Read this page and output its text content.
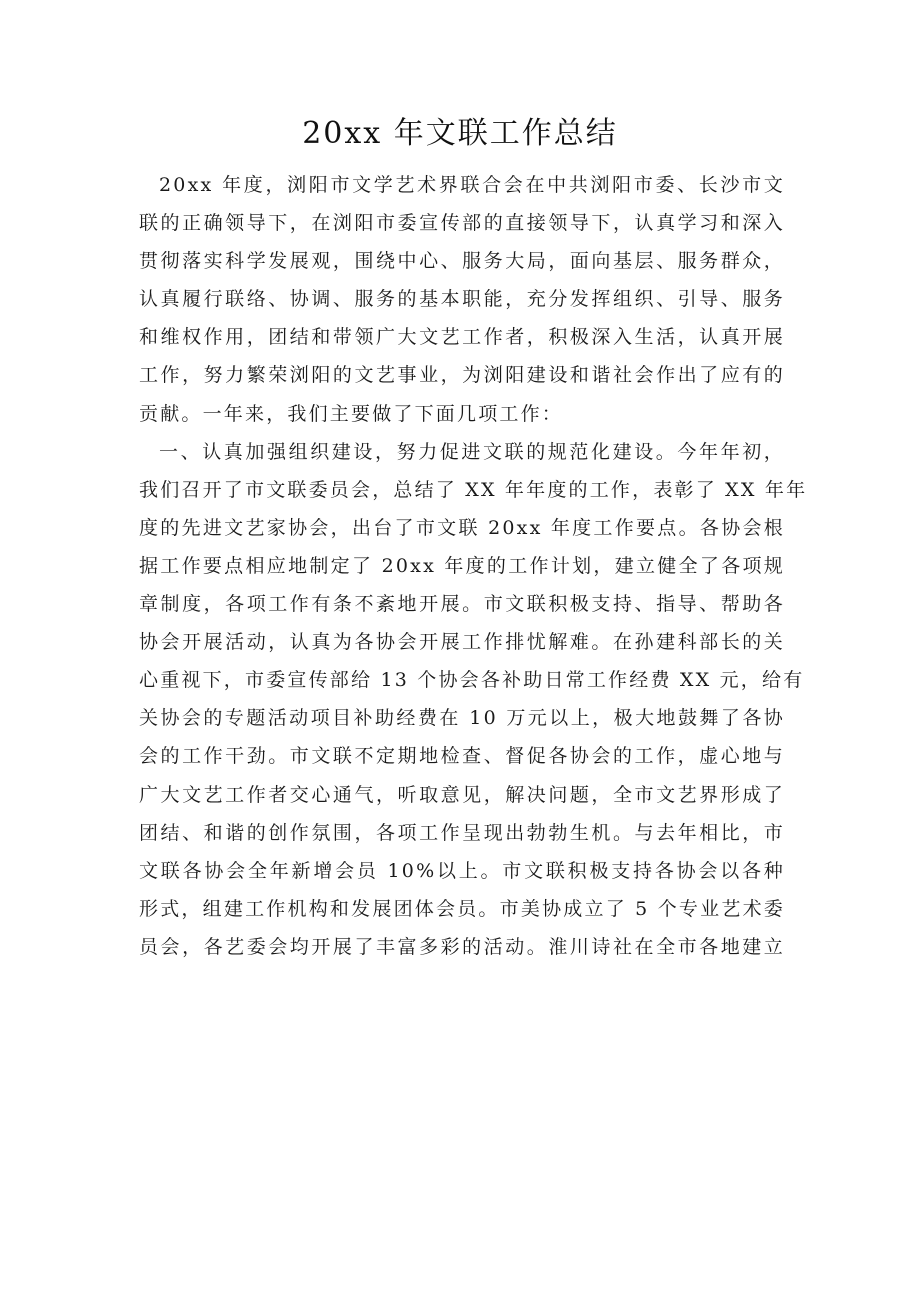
20xx 年文联工作总结
20xx 年度，浏阳市文学艺术界联合会在中共浏阳市委、长沙市文
联的正确领导下，在浏阳市委宣传部的直接领导下，认真学习和深入
贯彻落实科学发展观，围绕中心、服务大局，面向基层、服务群众，
认真履行联络、协调、服务的基本职能，充分发挥组织、引导、服务
和维权作用，团结和带领广大文艺工作者，积极深入生活，认真开展
工作，努力繁荣浏阳的文艺事业，为浏阳建设和谐社会作出了应有的
贡献。一年来，我们主要做了下面几项工作：
一、认真加强组织建设，努力促进文联的规范化建设。今年年初，
我们召开了市文联委员会，总结了 XX 年年度的工作，表彰了 XX 年年
度的先进文艺家协会，出台了市文联 20xx 年度工作要点。各协会根
据工作要点相应地制定了 20xx 年度的工作计划，建立健全了各项规
章制度，各项工作有条不紊地开展。市文联积极支持、指导、帮助各
协会开展活动，认真为各协会开展工作排忧解难。在孙建科部长的关
心重视下，市委宣传部给 13 个协会各补助日常工作经费 XX 元，给有
关协会的专题活动项目补助经费在 10 万元以上，极大地鼓舞了各协
会的工作干劲。市文联不定期地检查、督促各协会的工作，虚心地与
广大文艺工作者交心通气，听取意见，解决问题，全市文艺界形成了
团结、和谐的创作氛围，各项工作呈现出勃勃生机。与去年相比，市
文联各协会全年新增会员 10%以上。市文联积极支持各协会以各种
形式，组建工作机构和发展团体会员。市美协成立了 5 个专业艺术委
员会，各艺委会均开展了丰富多彩的活动。淮川诗社在全市各地建立
